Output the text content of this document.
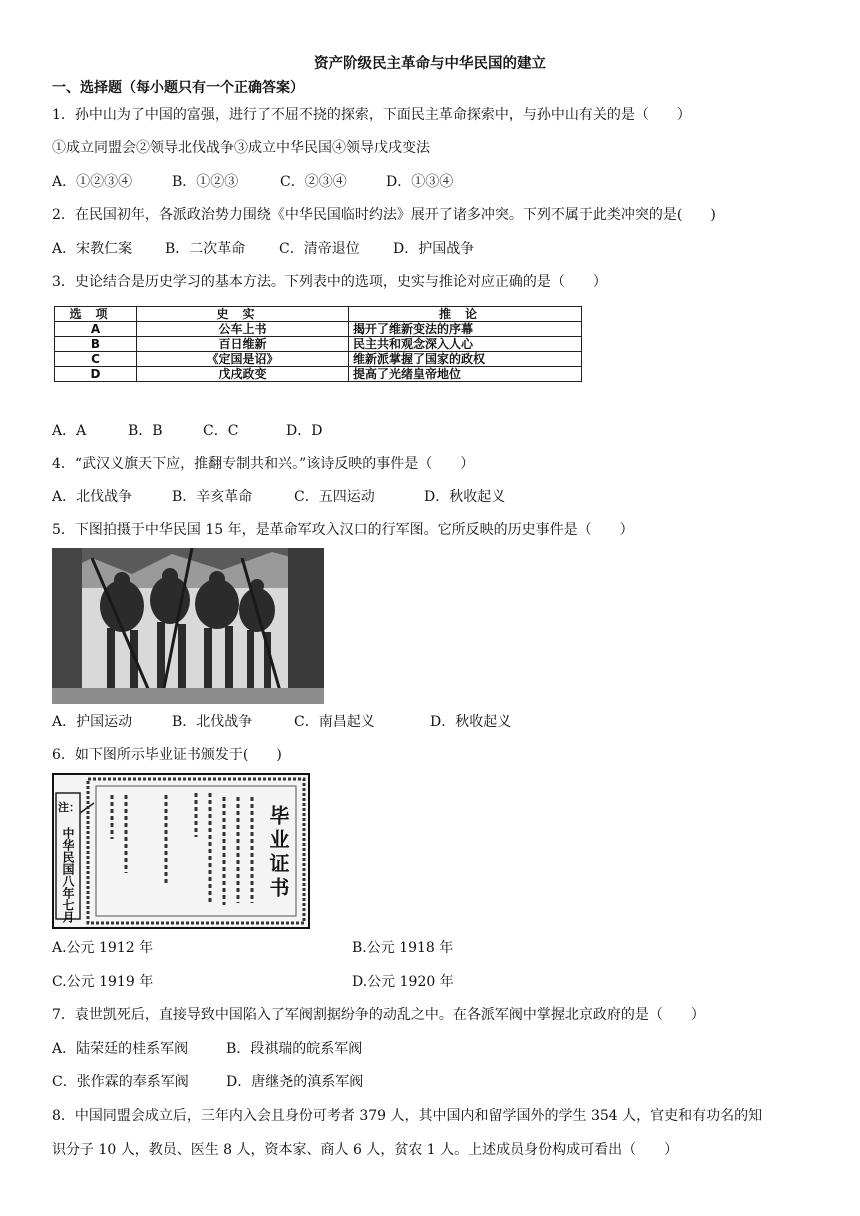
资产阶级民主革命与中华民国的建立
一、选择题（每小题只有一个正确答案）
1．孙中山为了中国的富强，进行了不屈不挠的探索，下面民主革命探索中，与孙中山有关的是（　　）
①成立同盟会②领导北伐战争③成立中华民国④领导戊戌变法
A．①②③④	B．①②③	C．②③④	D．①③④
2．在民国初年，各派政治势力围绕《中华民国临时约法》展开了诸多冲突。下列不属于此类冲突的是(　　)
A．宋教仁案 B．二次革命 C．清帝退位 D．护国战争
3．史论结合是历史学习的基本方法。下列表中的选项，史实与推论对应正确的是（　　）
选项	史实	推论
A	公车上书	揭开了维新变法的序幕
B	百日维新	民主共和观念深入人心
C	《定国是诏》	维新派掌握了国家的政权
D	戊戌政变	提高了光绪皇帝地位
A．A	B．B	C．C	D．D
4．“武汉义旗天下应，推翻专制共和兴。”该诗反映的事件是（　　）
A．北伐战争	B．辛亥革命	C．五四运动	D．秋收起义
5．下图拍摄于中华民国 15 年，是革命军攻入汉口的行军图。它所反映的历史事件是（　　）
A．护国运动	B．北伐战争	C．南昌起义	D．秋收起义
6．如下图所示毕业证书颁发于(　　)
注：
中华民国八年七月	毕业证书
A.公元 1912 年	B.公元 1918 年
C.公元 1919 年	D.公元 1920 年
7．袁世凯死后，直接导致中国陷入了军阀割据纷争的动乱之中。在各派军阀中掌握北京政府的是（　　）
A．陆荣廷的桂系军阀	B．段祺瑞的皖系军阀
C．张作霖的奉系军阀	D．唐继尧的滇系军阀
8．中国同盟会成立后，三年内入会且身份可考者 379 人，其中国内和留学国外的学生 354 人，官吏和有功名的知
识分子 10 人，教员、医生 8 人，资本家、商人 6 人，贫农 1 人。上述成员身份构成可看出（　　）
